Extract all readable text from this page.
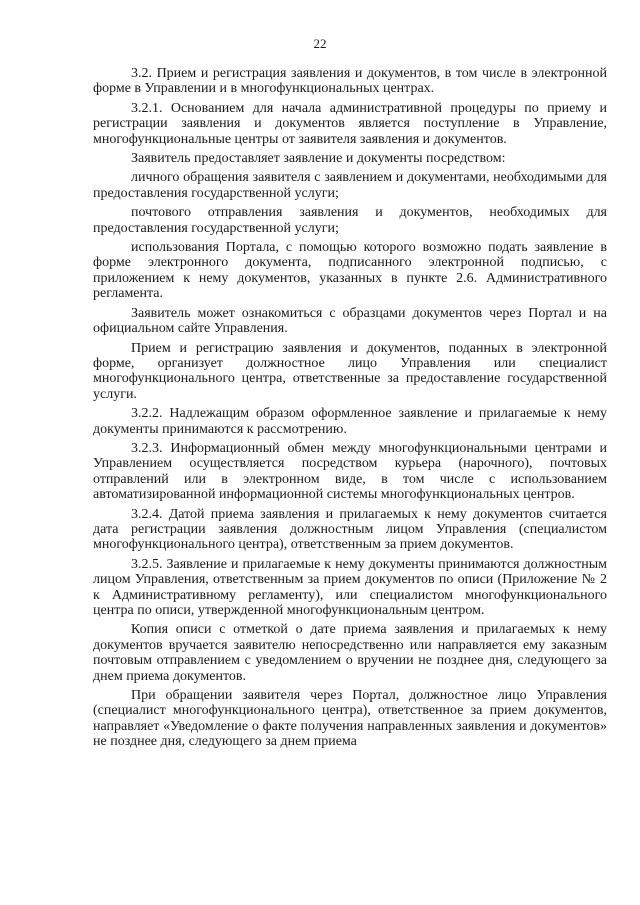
22

3.2. Прием и регистрация заявления и документов, в том числе в электронной форме в Управлении и в многофункциональных центрах.

3.2.1. Основанием для начала административной процедуры по приему и регистрации заявления и документов является поступление в Управление, многофункциональные центры от заявителя заявления и документов.

Заявитель предоставляет заявление и документы посредством:

личного обращения заявителя с заявлением и документами, необходимыми для предоставления государственной услуги;

почтового отправления заявления и документов, необходимых для предоставления государственной услуги;

использования Портала, с помощью которого возможно подать заявление в форме электронного документа, подписанного электронной подписью, с приложением к нему документов, указанных в пункте 2.6. Административного регламента.

Заявитель может ознакомиться с образцами документов через Портал и на официальном сайте Управления.

Прием и регистрацию заявления и документов, поданных в электронной форме, организует должностное лицо Управления или специалист многофункционального центра, ответственные за предоставление государственной услуги.

3.2.2. Надлежащим образом оформленное заявление и прилагаемые к нему документы принимаются к рассмотрению.

3.2.3. Информационный обмен между многофункциональными центрами и Управлением осуществляется посредством курьера (нарочного), почтовых отправлений или в электронном виде, в том числе с использованием автоматизированной информационной системы многофункциональных центров.

3.2.4. Датой приема заявления и прилагаемых к нему документов считается дата регистрации заявления должностным лицом Управления (специалистом многофункционального центра), ответственным за прием документов.

3.2.5. Заявление и прилагаемые к нему документы принимаются должностным лицом Управления, ответственным за прием документов по описи (Приложение № 2 к Административному регламенту), или специалистом многофункционального центра по описи, утвержденной многофункциональным центром.

Копия описи с отметкой о дате приема заявления и прилагаемых к нему документов вручается заявителю непосредственно или направляется ему заказным почтовым отправлением с уведомлением о вручении не позднее дня, следующего за днем приема документов.

При обращении заявителя через Портал, должностное лицо Управления (специалист многофункционального центра), ответственное за прием документов, направляет «Уведомление о факте получения направленных заявления и документов» не позднее дня, следующего за днем приема
